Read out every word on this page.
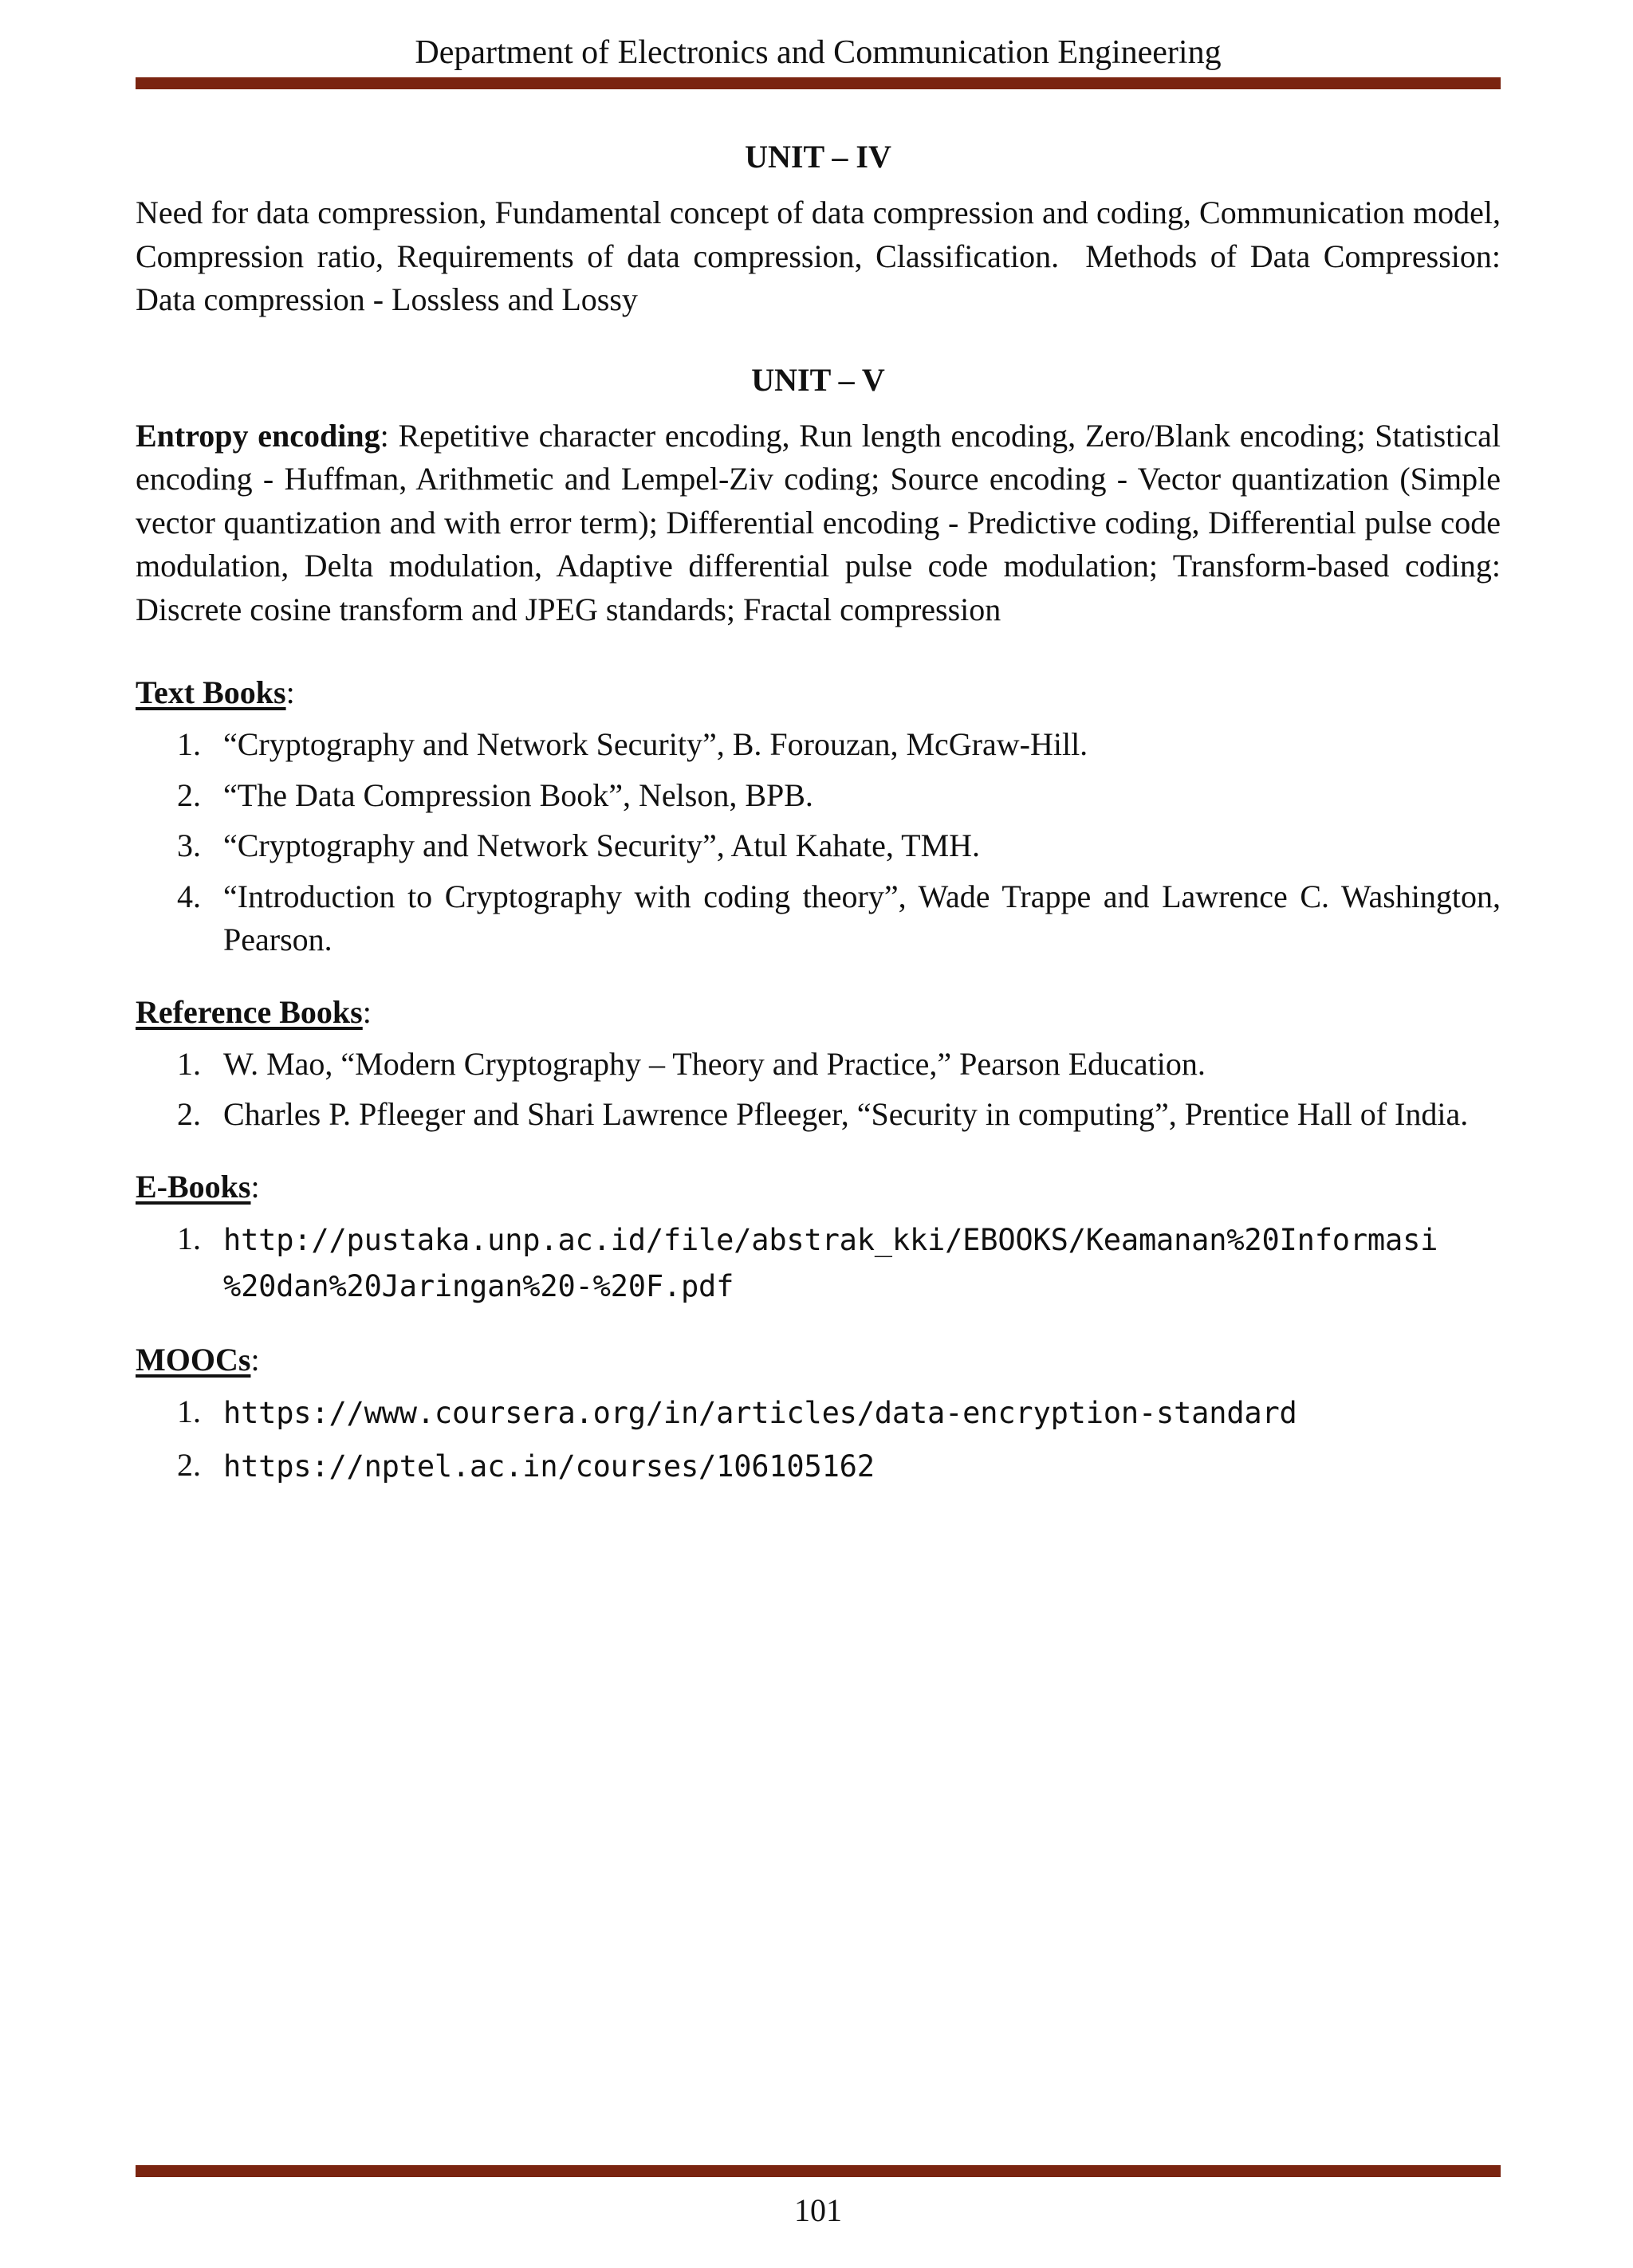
Department of Electronics and Communication Engineering

UNIT – IV

Need for data compression, Fundamental concept of data compression and coding, Communication model, Compression ratio, Requirements of data compression, Classification.  Methods of Data Compression: Data compression - Lossless and Lossy

UNIT – V

Entropy encoding: Repetitive character encoding, Run length encoding, Zero/Blank encoding; Statistical encoding - Huffman, Arithmetic and Lempel-Ziv coding; Source encoding - Vector quantization (Simple vector quantization and with error term); Differential encoding - Predictive coding, Differential pulse code modulation, Delta modulation, Adaptive differential pulse code modulation; Transform-based coding: Discrete cosine transform and JPEG standards; Fractal compression

Text Books:

1. “Cryptography and Network Security”, B. Forouzan, McGraw-Hill.
2. “The Data Compression Book”, Nelson, BPB.
3. “Cryptography and Network Security”, Atul Kahate, TMH.
4. “Introduction to Cryptography with coding theory”, Wade Trappe and Lawrence C. Washington, Pearson.

Reference Books:

1. W. Mao, “Modern Cryptography – Theory and Practice,” Pearson Education.
2. Charles P. Pfleeger and Shari Lawrence Pfleeger, “Security in computing”, Prentice Hall of India.

E-Books:

1. http://pustaka.unp.ac.id/file/abstrak_kki/EBOOKS/Keamanan%20Informasi
%20dan%20Jaringan%20-%20F.pdf

MOOCs:

1. https://www.coursera.org/in/articles/data-encryption-standard
2. https://nptel.ac.in/courses/106105162
101
